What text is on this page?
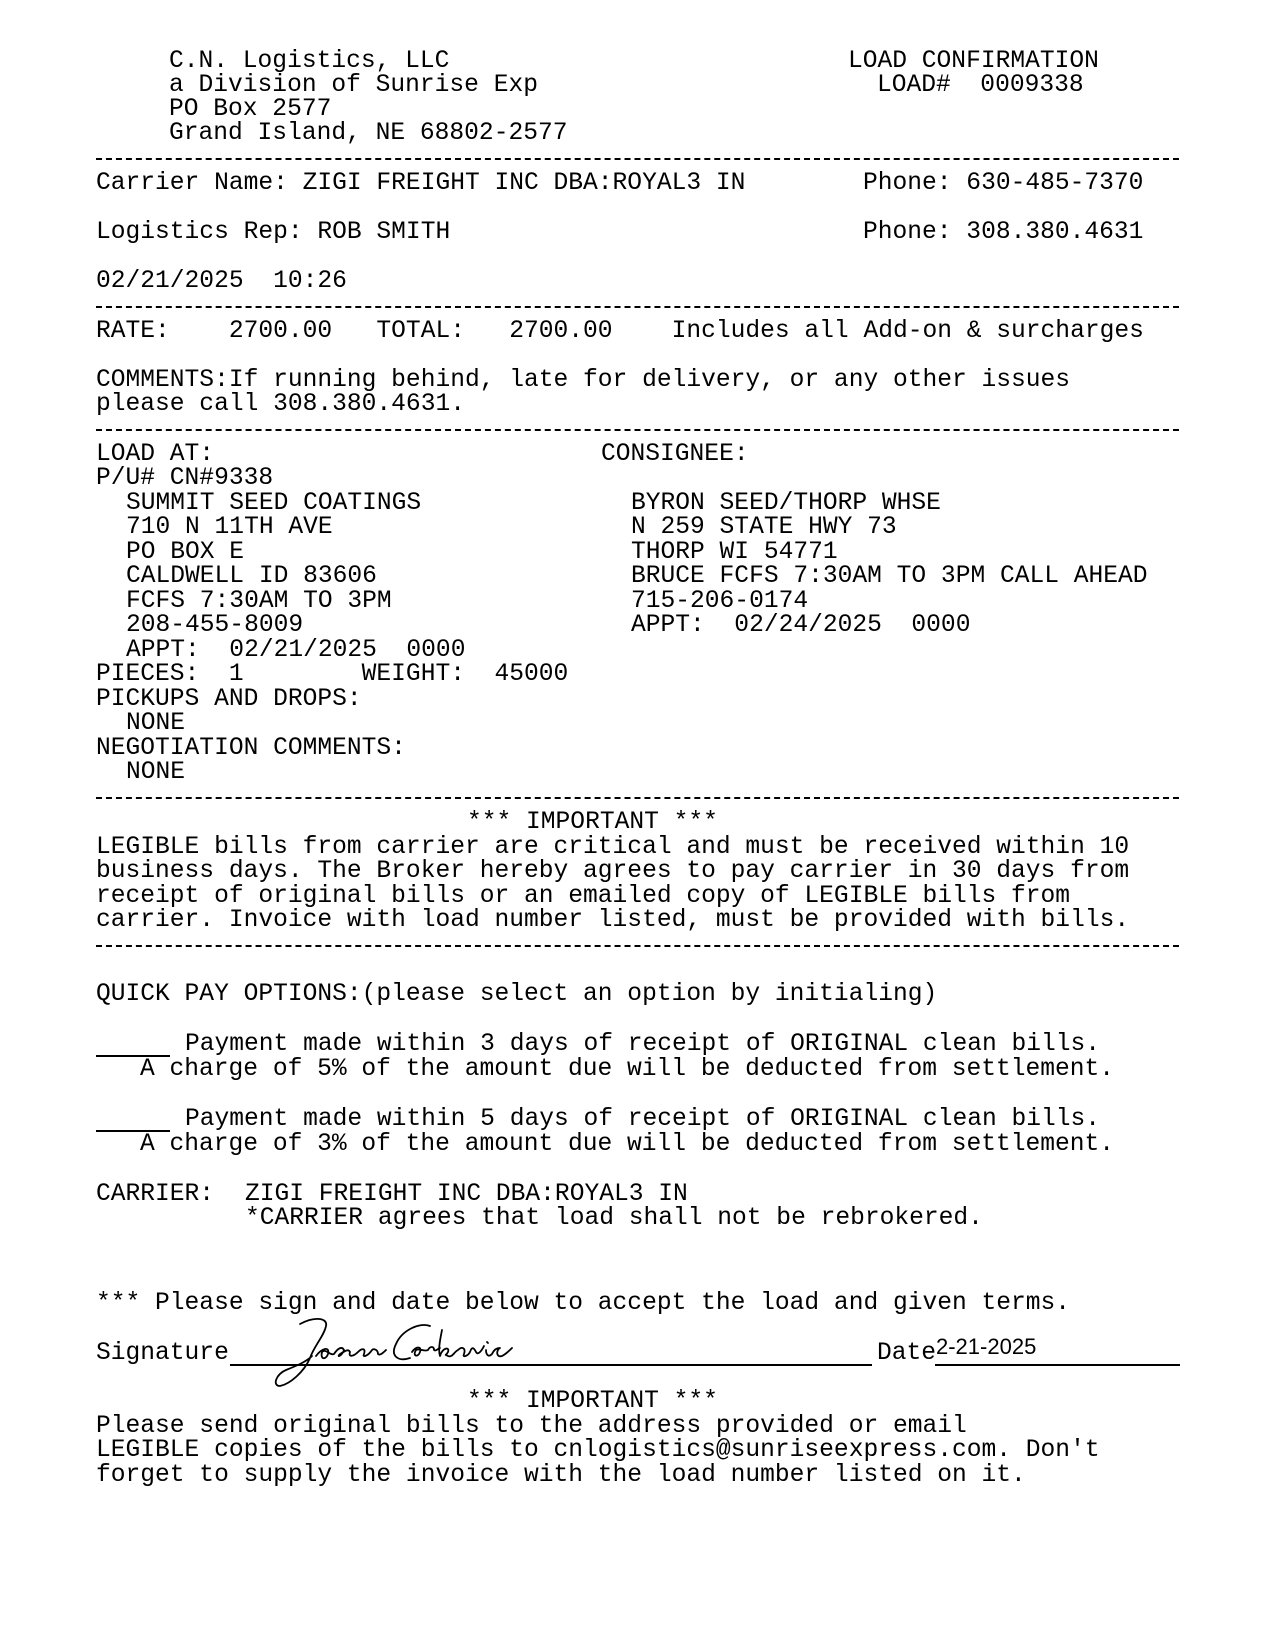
C.N. Logistics, LLC
a Division of Sunrise Exp
PO Box 2577
Grand Island, NE 68802-2577
LOAD CONFIRMATION
LOAD#  0009338
Carrier Name: ZIGI FREIGHT INC DBA:ROYAL3 IN	Phone: 630-485-7370
Logistics Rep: ROB SMITH	Phone: 308.380.4631
02/21/2025  10:26
RATE:    2700.00   TOTAL:   2700.00    Includes all Add-on & surcharges
COMMENTS:If running behind, late for delivery, or any other issues
please call 308.380.4631.
LOAD AT:
P/U# CN#9338
SUMMIT SEED COATINGS
710 N 11TH AVE
PO BOX E
CALDWELL ID 83606
FCFS 7:30AM TO 3PM
208-455-8009
APPT:  02/21/2025  0000
CONSIGNEE:
BYRON SEED/THORP WHSE
N 259 STATE HWY 73
THORP WI 54771
BRUCE FCFS 7:30AM TO 3PM CALL AHEAD
715-206-0174
APPT:  02/24/2025  0000
PIECES:  1        WEIGHT:  45000
PICKUPS AND DROPS:
NONE
NEGOTIATION COMMENTS:
NONE
*** IMPORTANT ***
LEGIBLE bills from carrier are critical and must be received within 10
business days. The Broker hereby agrees to pay carrier in 30 days from
receipt of original bills or an emailed copy of LEGIBLE bills from
carrier. Invoice with load number listed, must be provided with bills.
QUICK PAY OPTIONS:(please select an option by initialing)
Payment made within 3 days of receipt of ORIGINAL clean bills.
A charge of 5% of the amount due will be deducted from settlement.
Payment made within 5 days of receipt of ORIGINAL clean bills.
A charge of 3% of the amount due will be deducted from settlement.
CARRIER: ZIGI FREIGHT INC DBA:ROYAL3 IN
*CARRIER agrees that load shall not be rebrokered.
*** Please sign and date below to accept the load and given terms.
Signature	Date 2-21-2025
*** IMPORTANT ***
Please send original bills to the address provided or email
LEGIBLE copies of the bills to cnlogistics@sunriseexpress.com. Don't
forget to supply the invoice with the load number listed on it.
